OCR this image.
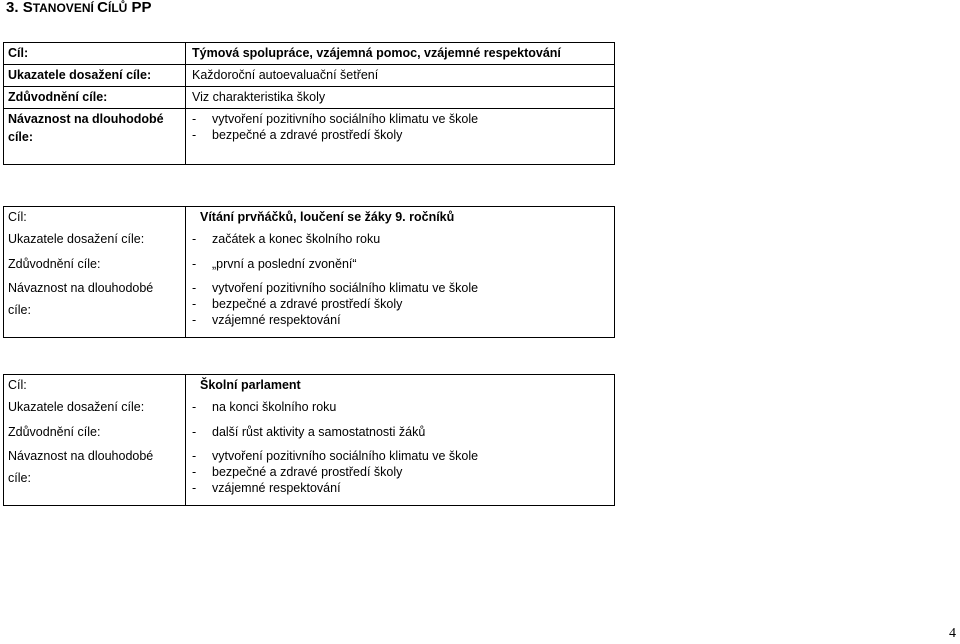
3. STANOVENÍ CÍLŮ PP
Cíl:	Týmová spolupráce, vzájemná pomoc, vzájemné respektování
Ukazatele dosažení cíle:	Každoroční autoevaluační šetření
Zdůvodnění cíle:	Viz charakteristika školy

Návaznost na dlouhodobé
cíle:	- vytvoření pozitivního sociálního klimatu ve škole
- bezpečné a zdravé prostředí školy
Cíl:	Vítání prvňáčků, loučení se žáky 9. ročníků
Ukazatele dosažení cíle:	- začátek a konec školního roku
Zdůvodnění cíle:	- „první a poslední zvonění“

Návaznost na dlouhodobé
cíle:	- vytvoření pozitivního sociálního klimatu ve škole
- bezpečné a zdravé prostředí školy
- vzájemné respektování
Cíl:	Školní parlament
Ukazatele dosažení cíle:	- na konci školního roku
Zdůvodnění cíle:	- další růst aktivity a samostatnosti žáků

Návaznost na dlouhodobé
cíle:	- vytvoření pozitivního sociálního klimatu ve škole
- bezpečné a zdravé prostředí školy
- vzájemné respektování
4
